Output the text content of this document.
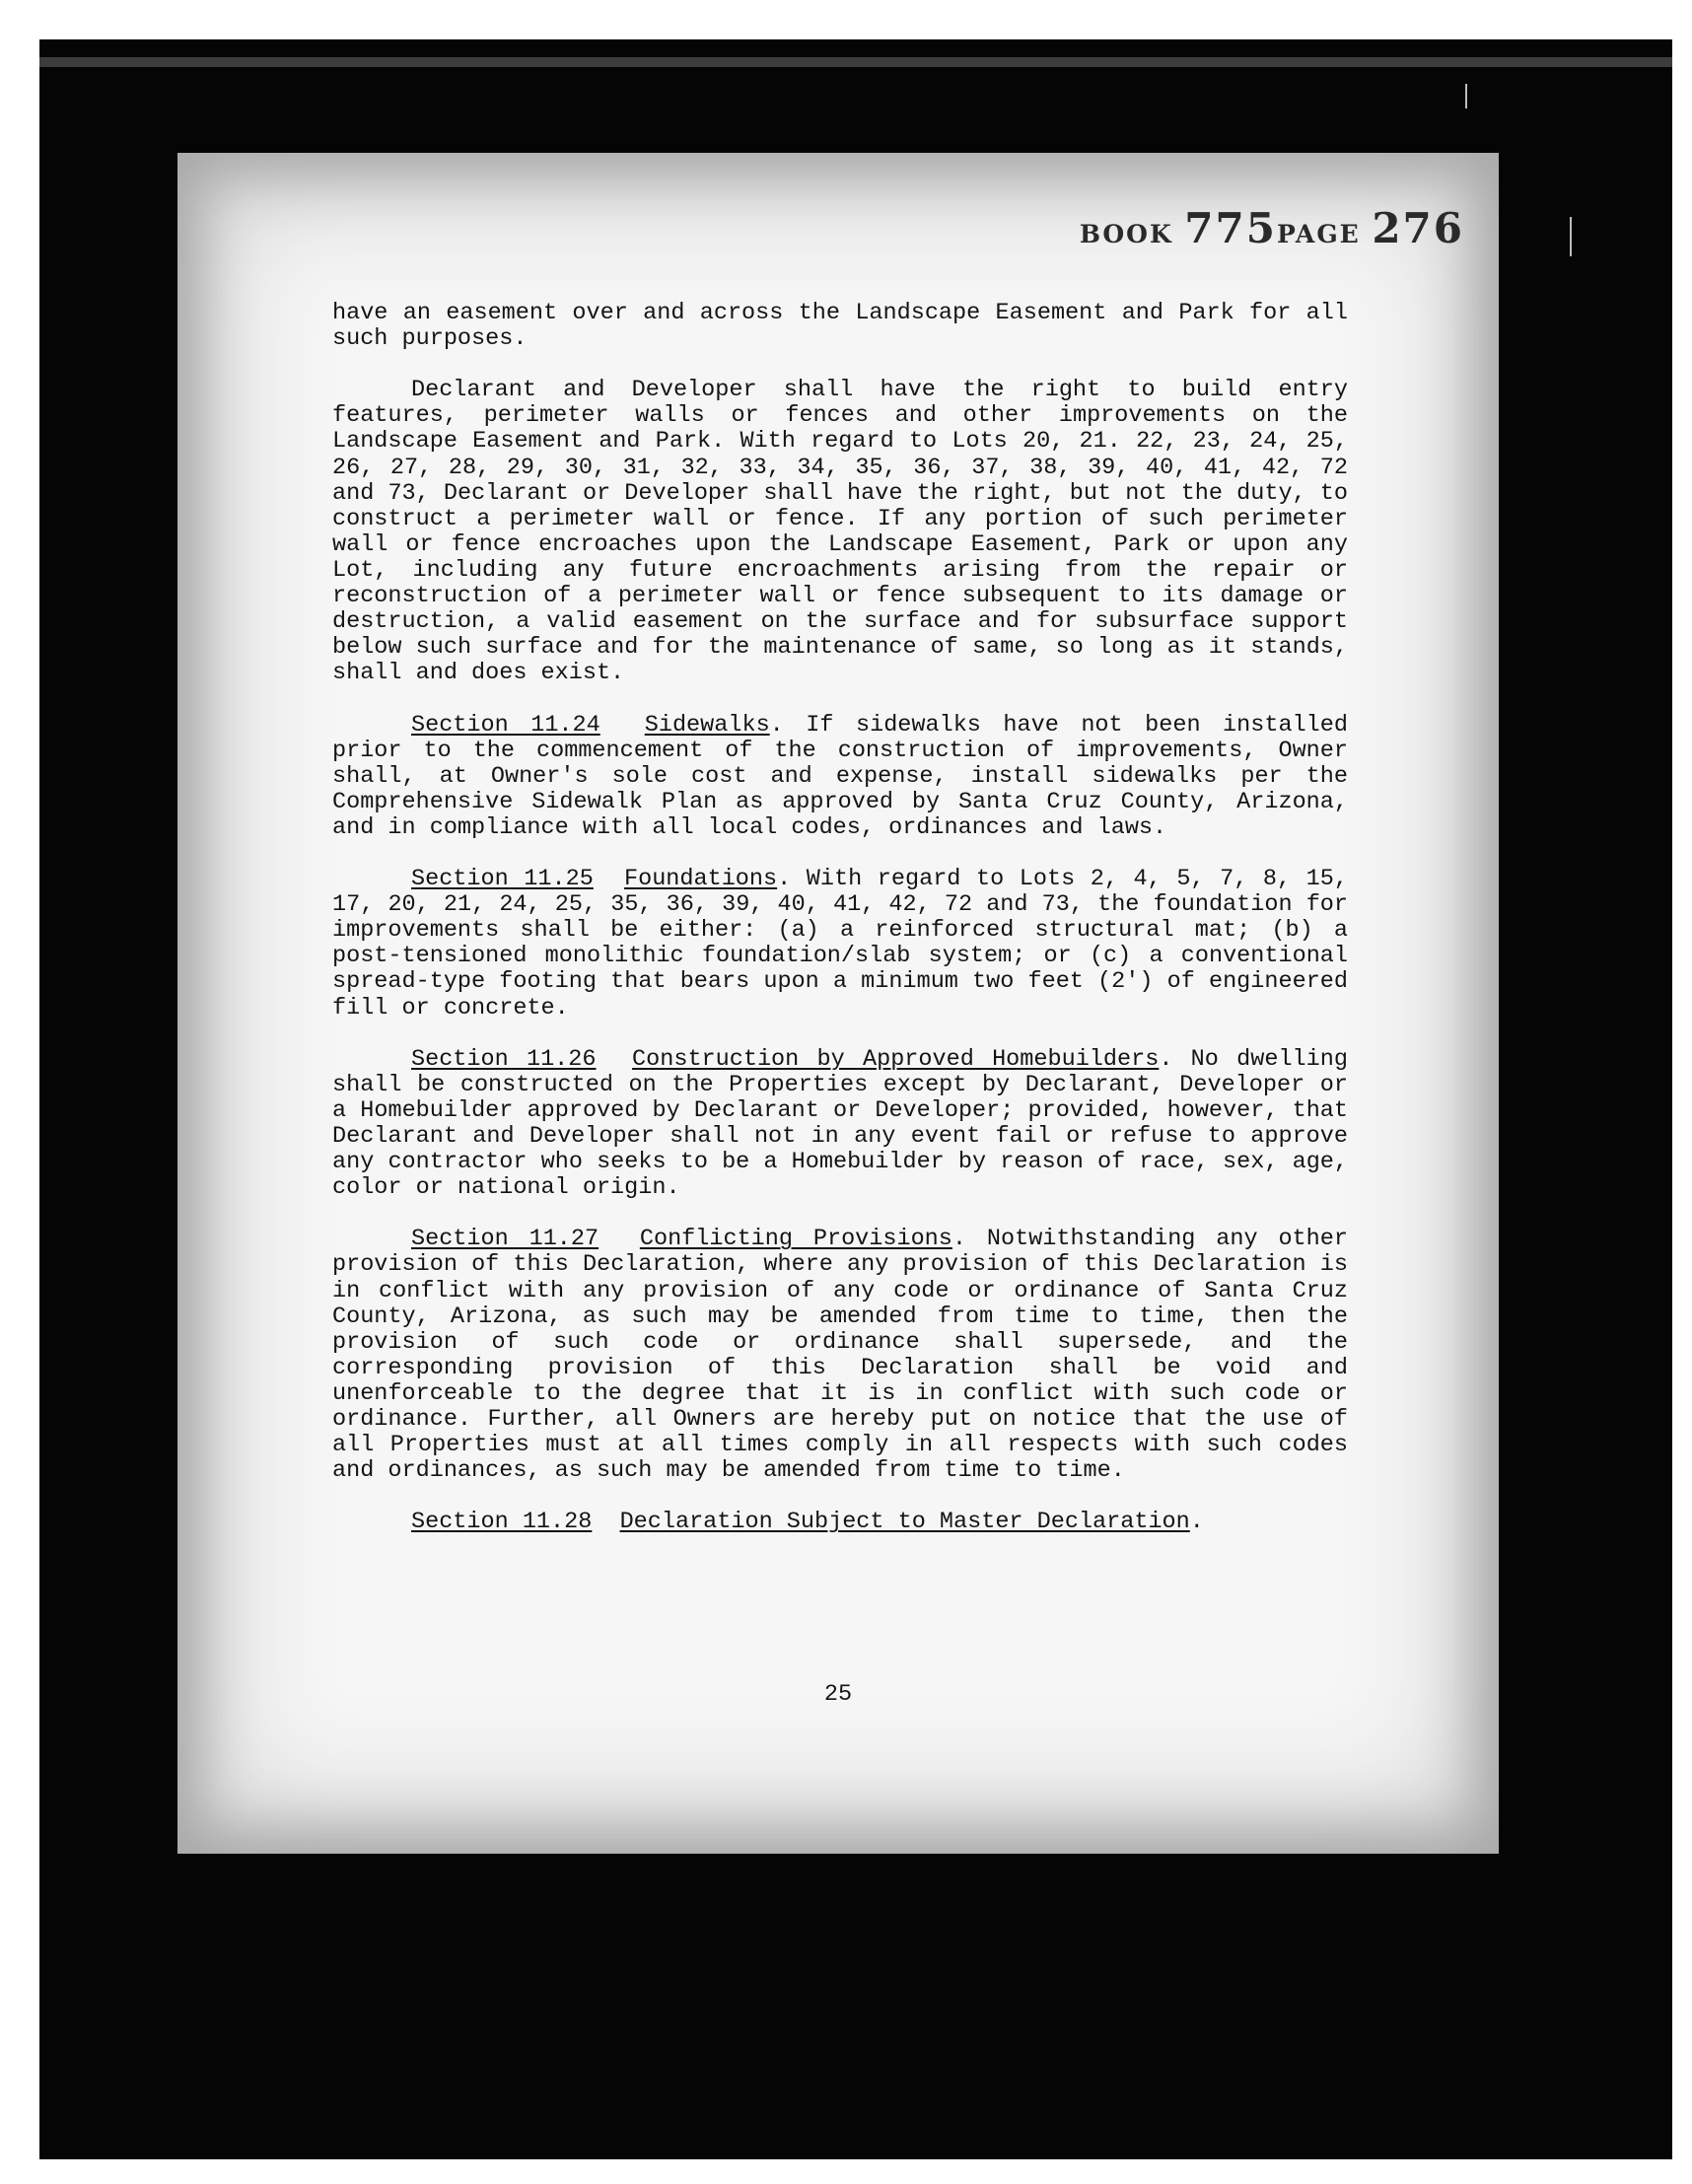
BOOK 775PAGE 276

have an easement over and across the Landscape Easement and Park for all such purposes.

Declarant and Developer shall have the right to build entry features, perimeter walls or fences and other improvements on the Landscape Easement and Park. With regard to Lots 20, 21. 22, 23, 24, 25, 26, 27, 28, 29, 30, 31, 32, 33, 34, 35, 36, 37, 38, 39, 40, 41, 42, 72 and 73, Declarant or Developer shall have the right, but not the duty, to construct a perimeter wall or fence. If any portion of such perimeter wall or fence encroaches upon the Landscape Easement, Park or upon any Lot, including any future encroachments arising from the repair or reconstruction of a perimeter wall or fence subsequent to its damage or destruction, a valid easement on the surface and for subsurface support below such surface and for the maintenance of same, so long as it stands, shall and does exist.

Section 11.24 Sidewalks. If sidewalks have not been installed prior to the commencement of the construction of improvements, Owner shall, at Owner's sole cost and expense, install sidewalks per the Comprehensive Sidewalk Plan as approved by Santa Cruz County, Arizona, and in compliance with all local codes, ordinances and laws.

Section 11.25 Foundations. With regard to Lots 2, 4, 5, 7, 8, 15, 17, 20, 21, 24, 25, 35, 36, 39, 40, 41, 42, 72 and 73, the foundation for improvements shall be either: (a) a reinforced structural mat; (b) a post-tensioned monolithic foundation/slab system; or (c) a conventional spread-type footing that bears upon a minimum two feet (2') of engineered fill or concrete.

Section 11.26 Construction by Approved Homebuilders. No dwelling shall be constructed on the Properties except by Declarant, Developer or a Homebuilder approved by Declarant or Developer; provided, however, that Declarant and Developer shall not in any event fail or refuse to approve any contractor who seeks to be a Homebuilder by reason of race, sex, age, color or national origin.

Section 11.27 Conflicting Provisions. Notwithstanding any other provision of this Declaration, where any provision of this Declaration is in conflict with any provision of any code or ordinance of Santa Cruz County, Arizona, as such may be amended from time to time, then the provision of such code or ordinance shall supersede, and the corresponding provision of this Declaration shall be void and unenforceable to the degree that it is in conflict with such code or ordinance. Further, all Owners are hereby put on notice that the use of all Properties must at all times comply in all respects with such codes and ordinances, as such may be amended from time to time.

Section 11.28 Declaration Subject to Master Declaration.

25
